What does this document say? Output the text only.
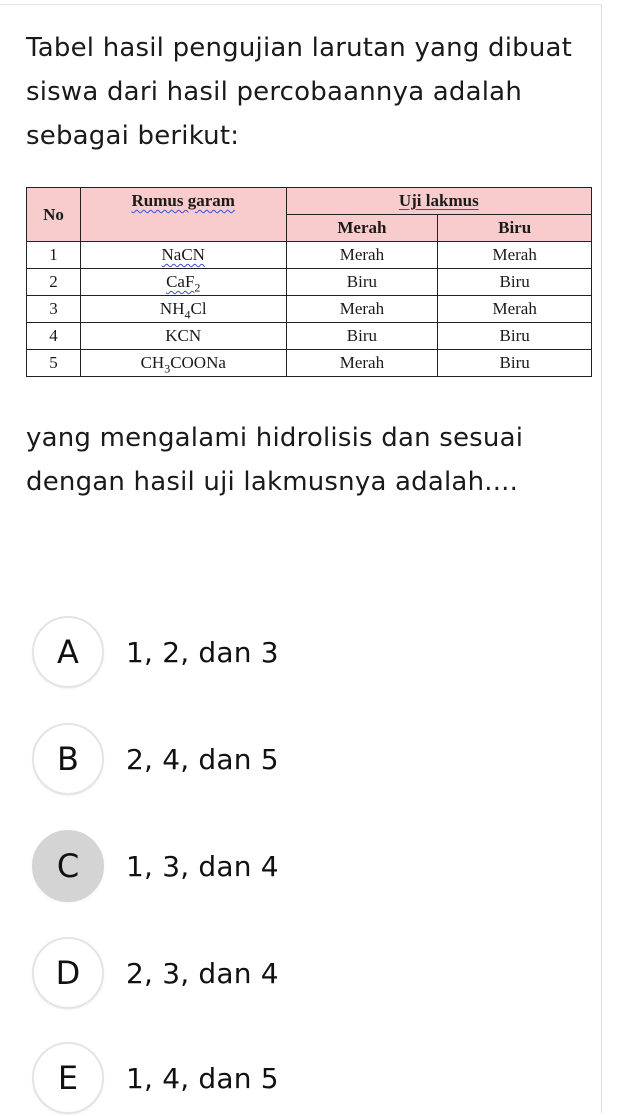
Tabel hasil pengujian larutan yang dibuat siswa dari hasil percobaannya adalah sebagai berikut:

No	Rumus garam	Uji lakmus	
		Merah	Biru
1	NaCN	Merah	Merah
2	CaF$_2$	Biru	Biru
3	$NH_4Cl$	Merah	Merah
4	KCN	Biru	Biru
5	$CH_3COONa$	Merah	Biru

yang mengalami hidrolisis dan sesuai dengan hasil uji lakmusnya adalah....

A	1, 2, dan 3
B	2, 4, dan 5
C	1, 3, dan 4
D	2, 3, dan 4
E	1, 4, dan 5
